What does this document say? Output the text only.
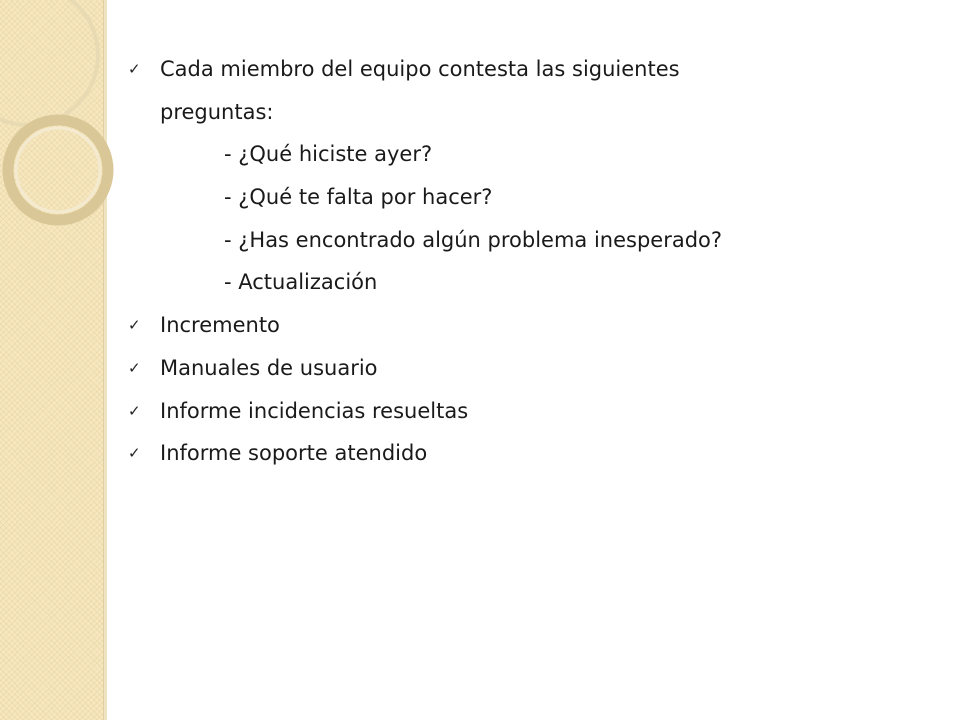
✓ Cada miembro del equipo contesta las siguientes
preguntas:
- ¿Qué hiciste ayer?
- ¿Qué te falta por hacer?
- ¿Has encontrado algún problema inesperado?
- Actualización
✓ Incremento
✓ Manuales de usuario
✓ Informe incidencias resueltas
✓ Informe soporte atendido
